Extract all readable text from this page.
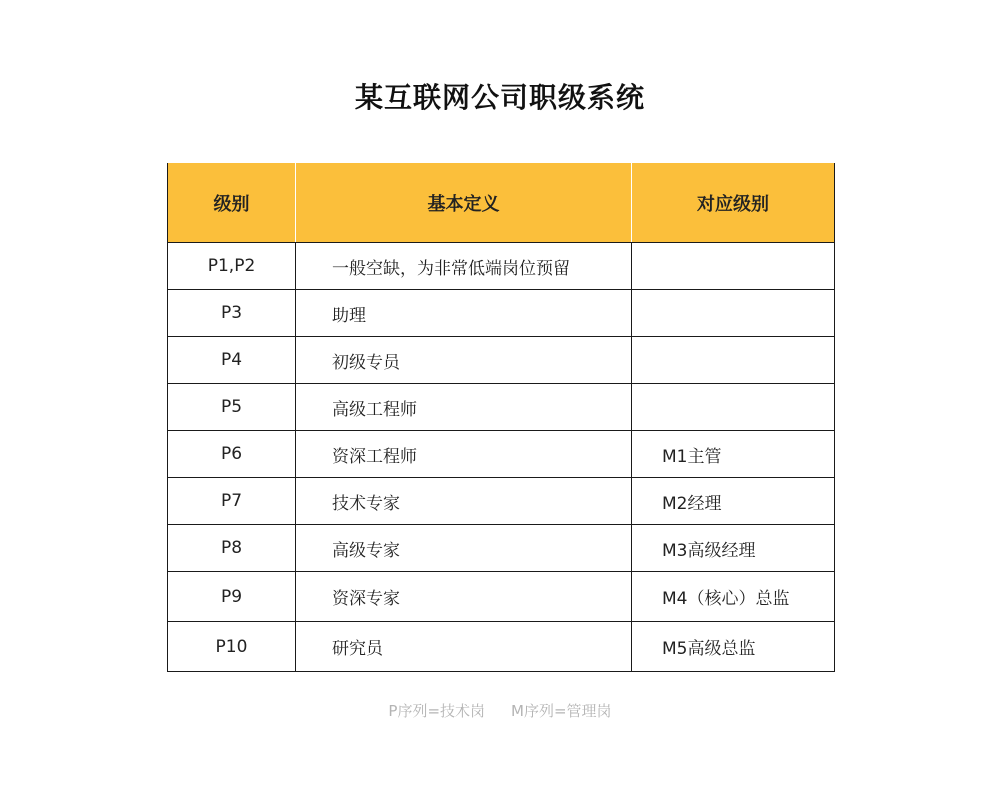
某互联网公司职级系统
级别	基本定义	对应级别
P1,P2	一般空缺，为非常低端岗位预留	
P3	助理	
P4	初级专员	
P5	高级工程师	
P6	资深工程师	M1主管
P7	技术专家	M2经理
P8	高级专家	M3高级经理
P9	资深专家	M4（核心）总监
P10	研究员	M5高级总监
P序列=技术岗 M序列=管理岗
